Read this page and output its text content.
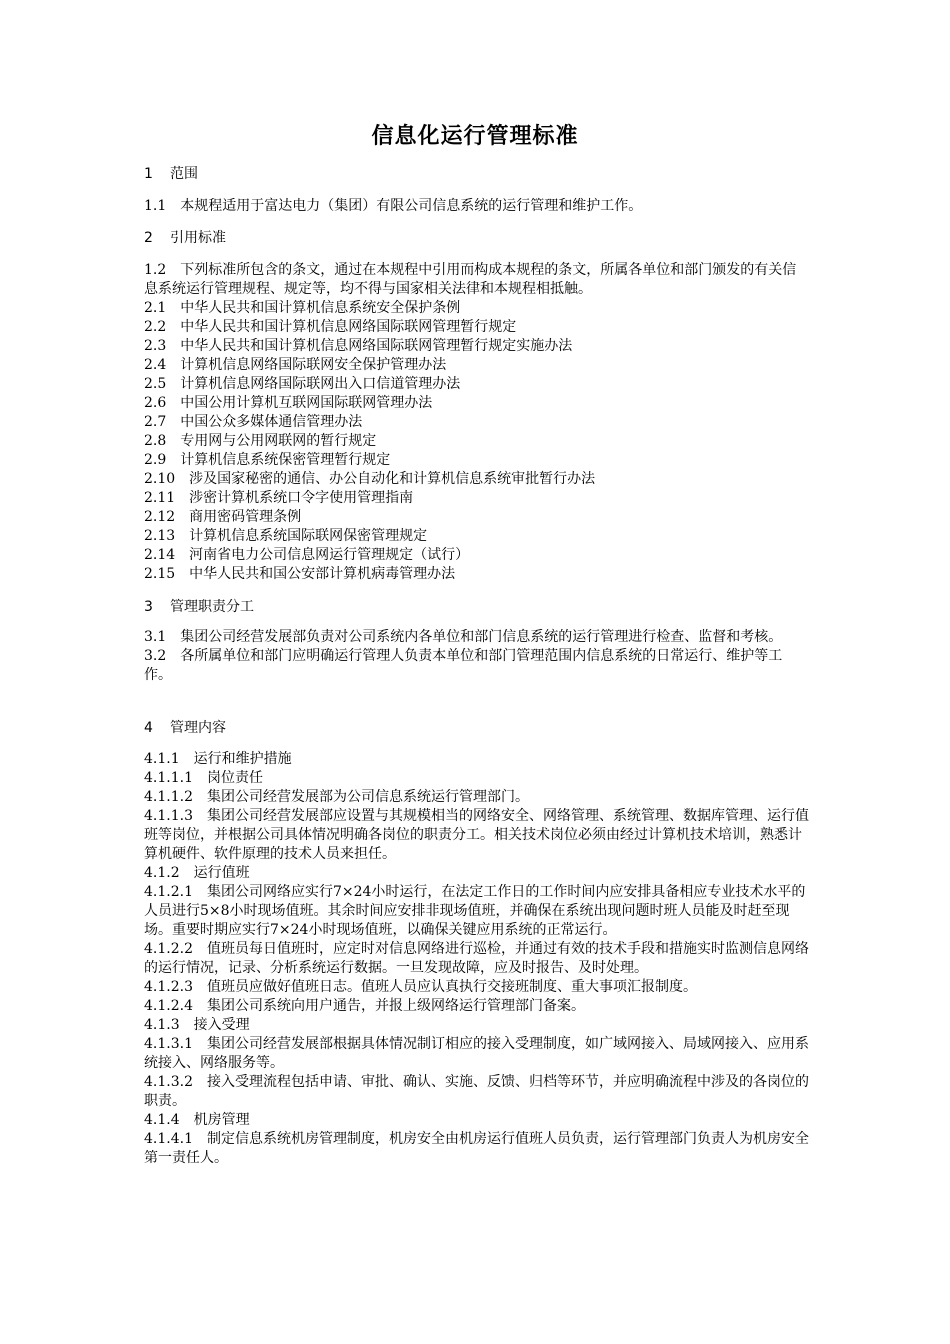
信息化运行管理标准
1 范围
1.1　本规程适用于富达电力（集团）有限公司信息系统的运行管理和维护工作。
2 引用标准
1.2　下列标准所包含的条文，通过在本规程中引用而构成本规程的条文，所属各单位和部门颁发的有关信息系统运行管理规程、规定等，均不得与国家相关法律和本规程相抵触。
2.1　中华人民共和国计算机信息系统安全保护条例
2.2　中华人民共和国计算机信息网络国际联网管理暂行规定
2.3　中华人民共和国计算机信息网络国际联网管理暂行规定实施办法
2.4　计算机信息网络国际联网安全保护管理办法
2.5　计算机信息网络国际联网出入口信道管理办法
2.6　中国公用计算机互联网国际联网管理办法
2.7　中国公众多媒体通信管理办法
2.8　专用网与公用网联网的暂行规定
2.9　计算机信息系统保密管理暂行规定
2.10　涉及国家秘密的通信、办公自动化和计算机信息系统审批暂行办法
2.11　涉密计算机系统口令字使用管理指南
2.12　商用密码管理条例
2.13　计算机信息系统国际联网保密管理规定
2.14　河南省电力公司信息网运行管理规定（试行）
2.15　中华人民共和国公安部计算机病毒管理办法
3 管理职责分工
3.1　集团公司经营发展部负责对公司系统内各单位和部门信息系统的运行管理进行检查、监督和考核。
3.2　各所属单位和部门应明确运行管理人负责本单位和部门管理范围内信息系统的日常运行、维护等工作。
4 管理内容
4.1.1　运行和维护措施
4.1.1.1　岗位责任
4.1.1.2　集团公司经营发展部为公司信息系统运行管理部门。
4.1.1.3　集团公司经营发展部应设置与其规模相当的网络安全、网络管理、系统管理、数据库管理、运行值班等岗位，并根据公司具体情况明确各岗位的职责分工。相关技术岗位必须由经过计算机技术培训，熟悉计算机硬件、软件原理的技术人员来担任。
4.1.2　运行值班
4.1.2.1　集团公司网络应实行7×24小时运行，在法定工作日的工作时间内应安排具备相应专业技术水平的人员进行5×8小时现场值班。其余时间应安排非现场值班，并确保在系统出现问题时班人员能及时赶至现场。重要时期应实行7×24小时现场值班，以确保关键应用系统的正常运行。
4.1.2.2　值班员每日值班时，应定时对信息网络进行巡检，并通过有效的技术手段和措施实时监测信息网络的运行情况，记录、分析系统运行数据。一旦发现故障，应及时报告、及时处理。
4.1.2.3　值班员应做好值班日志。值班人员应认真执行交接班制度、重大事项汇报制度。
4.1.2.4　集团公司系统向用户通告，并报上级网络运行管理部门备案。
4.1.3　接入受理
4.1.3.1　集团公司经营发展部根据具体情况制订相应的接入受理制度，如广域网接入、局域网接入、应用系统接入、网络服务等。
4.1.3.2　接入受理流程包括申请、审批、确认、实施、反馈、归档等环节，并应明确流程中涉及的各岗位的职责。
4.1.4　机房管理
4.1.4.1　制定信息系统机房管理制度，机房安全由机房运行值班人员负责，运行管理部门负责人为机房安全第一责任人。
